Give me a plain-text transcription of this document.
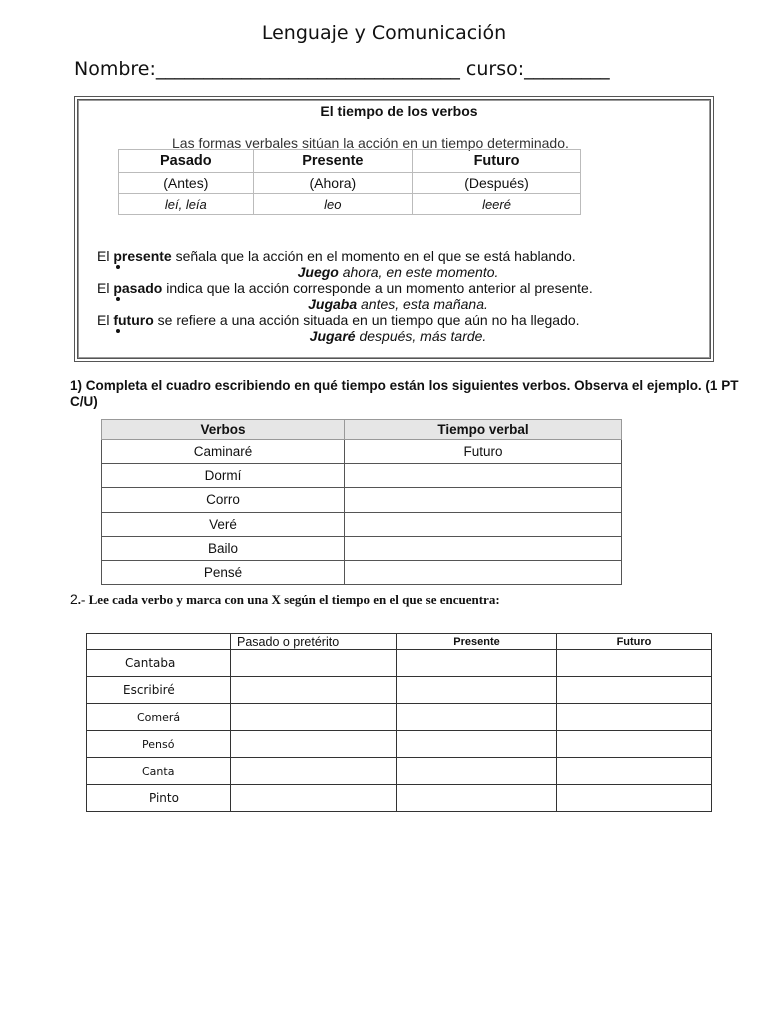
Lenguaje y Comunicación
Nombre:________________________________ curso:_________
El tiempo de los verbos
Las formas verbales sitúan la acción en un tiempo determinado.
Pasado	Presente	Futuro
(Antes)	(Ahora)	(Después)
leí, leía	leo	leeré
El presente señala que la acción en el momento en el que se está hablando.
Juego ahora, en este momento.
El pasado indica que la acción corresponde a un momento anterior al presente.
Jugaba antes, esta mañana.
El futuro se refiere a una acción situada en un tiempo que aún no ha llegado.
Jugaré después, más tarde.
1) Completa el cuadro escribiendo en qué tiempo están los siguientes verbos. Observa el ejemplo. (1 PT C/U)
Verbos	Tiempo verbal
Caminaré	Futuro
Dormí	
Corro	
Veré	
Bailo	
Pensé	
2.- Lee cada verbo y marca con una X según el tiempo en el que se encuentra:
	Pasado o pretérito	Presente	Futuro
Cantaba			
Escribiré			
Comerá			
Pensó			
Canta			
Pinto			
